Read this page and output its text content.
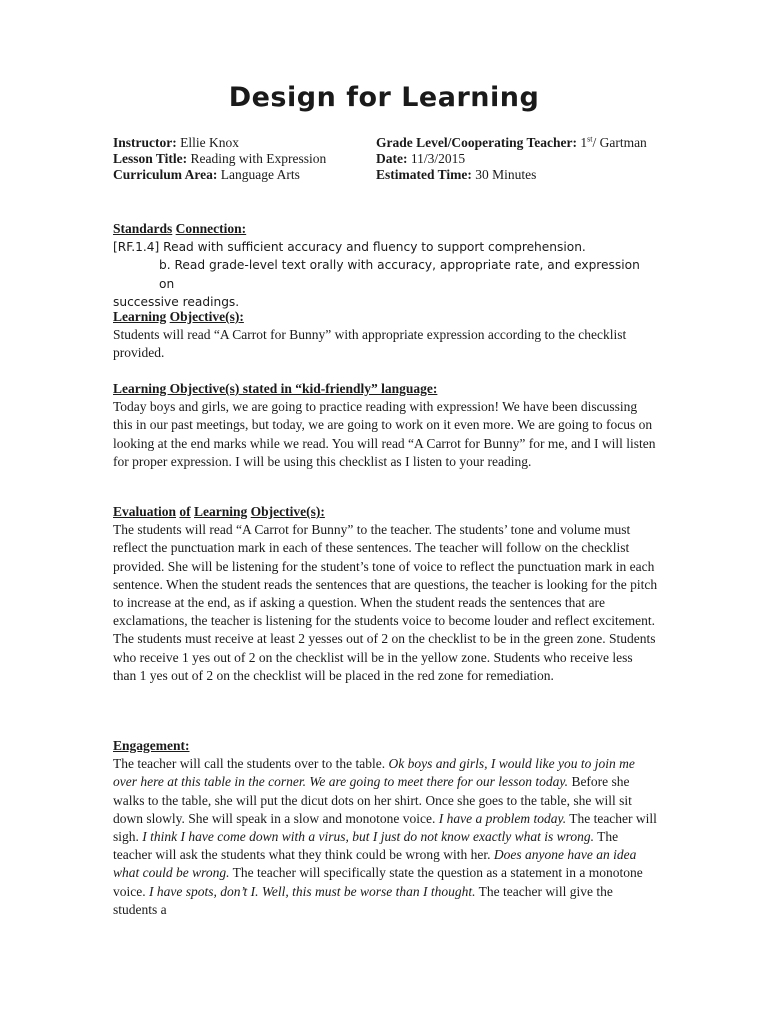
Design for Learning
Instructor: Ellie Knox	Grade Level/Cooperating Teacher: 1st/ Gartman
Lesson Title: Reading with Expression	Date: 11/3/2015
Curriculum Area: Language Arts	Estimated Time: 30 Minutes
Standards Connection:
[RF.1.4] Read with sufficient accuracy and fluency to support comprehension.
b. Read grade-level text orally with accuracy, appropriate rate, and expression on
successive readings.
Learning Objective(s):
Students will read “A Carrot for Bunny” with appropriate expression according to the checklist provided.
Learning Objective(s) stated in “kid-friendly” language:
Today boys and girls, we are going to practice reading with expression! We have been discussing this in our past meetings, but today, we are going to work on it even more. We are going to focus on looking at the end marks while we read. You will read “A Carrot for Bunny” for me, and I will listen for proper expression. I will be using this checklist as I listen to your reading.
Evaluation of Learning Objective(s):
The students will read “A Carrot for Bunny” to the teacher. The students’ tone and volume must reflect the punctuation mark in each of these sentences. The teacher will follow on the checklist provided. She will be listening for the student’s tone of voice to reflect the punctuation mark in each sentence. When the student reads the sentences that are questions, the teacher is looking for the pitch to increase at the end, as if asking a question. When the student reads the sentences that are exclamations, the teacher is listening for the students voice to become louder and reflect excitement. The students must receive at least 2 yesses out of 2 on the checklist to be in the green zone. Students who receive 1 yes out of 2 on the checklist will be in the yellow zone. Students who receive less than 1 yes out of 2 on the checklist will be placed in the red zone for remediation.
Engagement:
The teacher will call the students over to the table. Ok boys and girls, I would like you to join me over here at this table in the corner. We are going to meet there for our lesson today. Before she walks to the table, she will put the dicut dots on her shirt. Once she goes to the table, she will sit down slowly. She will speak in a slow and monotone voice. I have a problem today. The teacher will sigh. I think I have come down with a virus, but I just do not know exactly what is wrong. The teacher will ask the students what they think could be wrong with her. Does anyone have an idea what could be wrong. The teacher will specifically state the question as a statement in a monotone voice. I have spots, don’t I. Well, this must be worse than I thought. The teacher will give the students a
